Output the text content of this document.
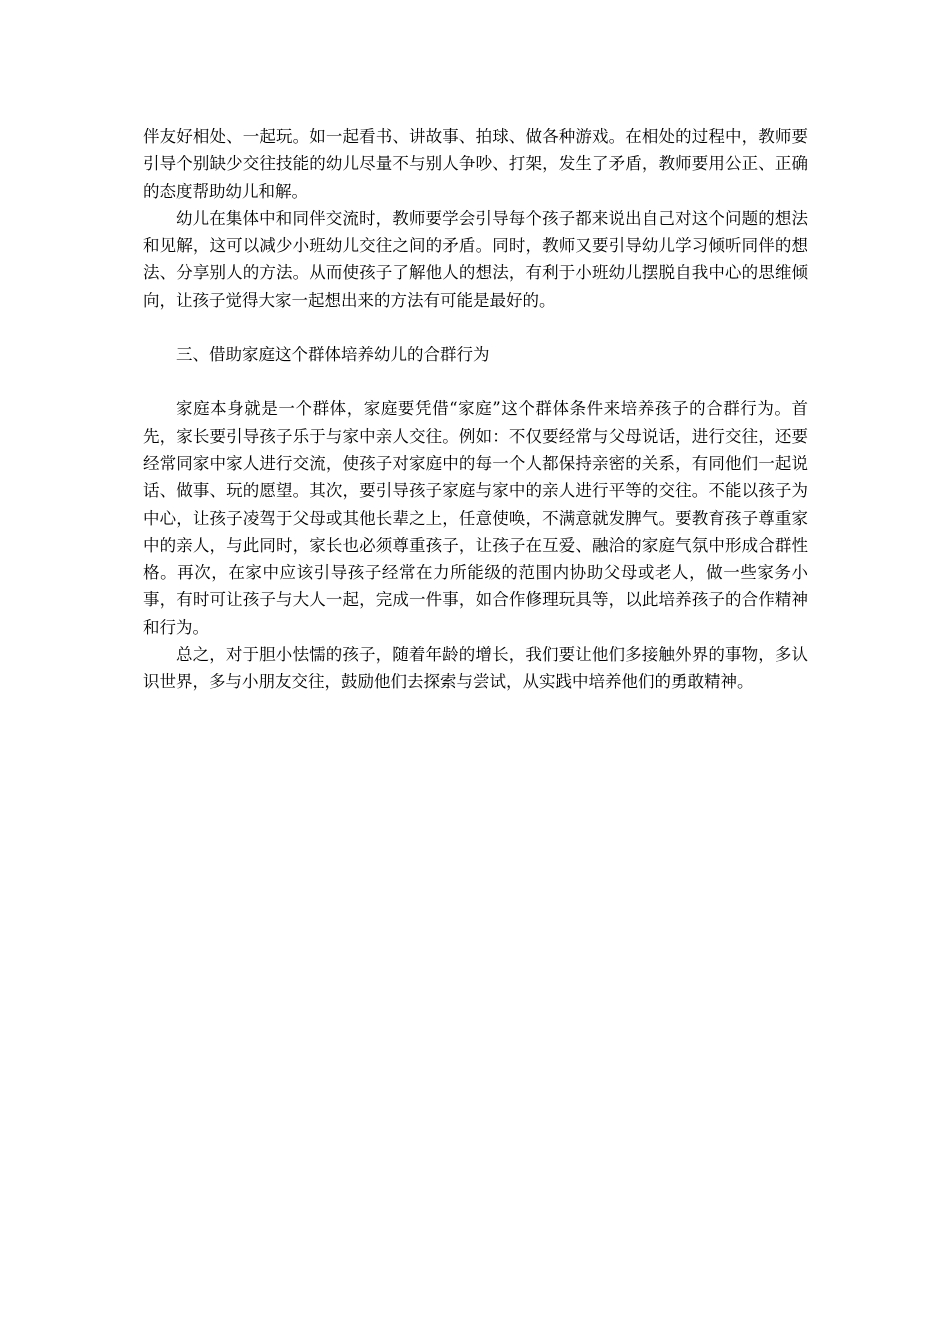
伴友好相处、一起玩。如一起看书、讲故事、拍球、做各种游戏。在相处的过程中，教师要引导个别缺少交往技能的幼儿尽量不与别人争吵、打架，发生了矛盾，教师要用公正、正确的态度帮助幼儿和解。

幼儿在集体中和同伴交流时，教师要学会引导每个孩子都来说出自己对这个问题的想法和见解，这可以减少小班幼儿交往之间的矛盾。同时，教师又要引导幼儿学习倾听同伴的想法、分享别人的方法。从而使孩子了解他人的想法，有利于小班幼儿摆脱自我中心的思维倾向，让孩子觉得大家一起想出来的方法有可能是最好的。

三、借助家庭这个群体培养幼儿的合群行为

家庭本身就是一个群体，家庭要凭借“家庭”这个群体条件来培养孩子的合群行为。首先，家长要引导孩子乐于与家中亲人交往。例如：不仅要经常与父母说话，进行交往，还要经常同家中家人进行交流，使孩子对家庭中的每一个人都保持亲密的关系，有同他们一起说话、做事、玩的愿望。其次，要引导孩子家庭与家中的亲人进行平等的交往。不能以孩子为中心，让孩子凌驾于父母或其他长辈之上，任意使唤，不满意就发脾气。要教育孩子尊重家中的亲人，与此同时，家长也必须尊重孩子，让孩子在互爱、融洽的家庭气氛中形成合群性格。再次，在家中应该引导孩子经常在力所能级的范围内协助父母或老人，做一些家务小事，有时可让孩子与大人一起，完成一件事，如合作修理玩具等，以此培养孩子的合作精神和行为。

总之，对于胆小怯懦的孩子，随着年龄的增长，我们要让他们多接触外界的事物，多认识世界，多与小朋友交往，鼓励他们去探索与尝试，从实践中培养他们的勇敢精神。
